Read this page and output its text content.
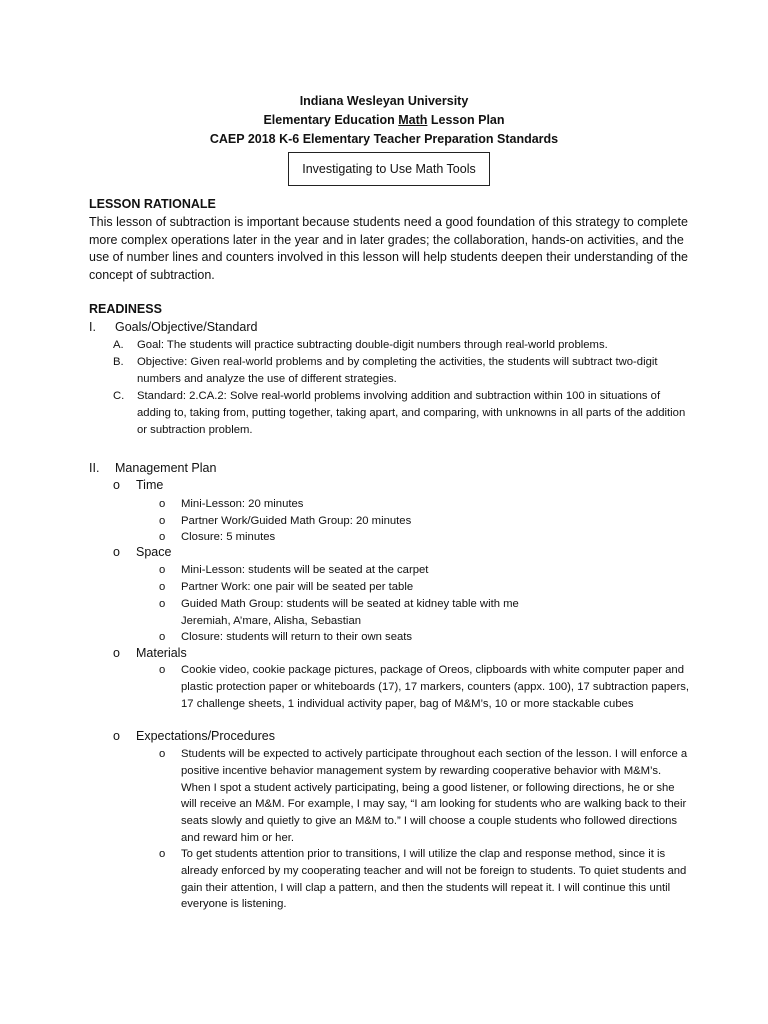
Indiana Wesleyan University
Elementary Education Math Lesson Plan
CAEP 2018 K-6 Elementary Teacher Preparation Standards
Investigating to Use Math Tools
LESSON RATIONALE
This lesson of subtraction is important because students need a good foundation of this strategy to complete more complex operations later in the year and in later grades; the collaboration, hands-on activities, and the use of number lines and counters involved in this lesson will help students deepen their understanding of the concept of subtraction.
READINESS
I. Goals/Objective/Standard
A. Goal: The students will practice subtracting double-digit numbers through real-world problems.
B. Objective: Given real-world problems and by completing the activities, the students will subtract two-digit numbers and analyze the use of different strategies.
C. Standard: 2.CA.2: Solve real-world problems involving addition and subtraction within 100 in situations of adding to, taking from, putting together, taking apart, and comparing, with unknowns in all parts of the addition or subtraction problem.
II. Management Plan
o Time
o Mini-Lesson: 20 minutes
o Partner Work/Guided Math Group: 20 minutes
o Closure: 5 minutes
o Space
o Mini-Lesson: students will be seated at the carpet
o Partner Work: one pair will be seated per table
o Guided Math Group: students will be seated at kidney table with me
Jeremiah, A’mare, Alisha, Sebastian
o Closure: students will return to their own seats
o Materials
o Cookie video, cookie package pictures, package of Oreos, clipboards with white computer paper and plastic protection paper or whiteboards (17), 17 markers, counters (appx. 100), 17 subtraction papers, 17 challenge sheets, 1 individual activity paper, bag of M&M’s, 10 or more stackable cubes
o Expectations/Procedures
o Students will be expected to actively participate throughout each section of the lesson. I will enforce a positive incentive behavior management system by rewarding cooperative behavior with M&M’s. When I spot a student actively participating, being a good listener, or following directions, he or she will receive an M&M. For example, I may say, “I am looking for students who are walking back to their seats slowly and quietly to give an M&M to.” I will choose a couple students who followed directions and reward him or her.
o To get students attention prior to transitions, I will utilize the clap and response method, since it is already enforced by my cooperating teacher and will not be foreign to students. To quiet students and gain their attention, I will clap a pattern, and then the students will repeat it. I will continue this until everyone is listening.
